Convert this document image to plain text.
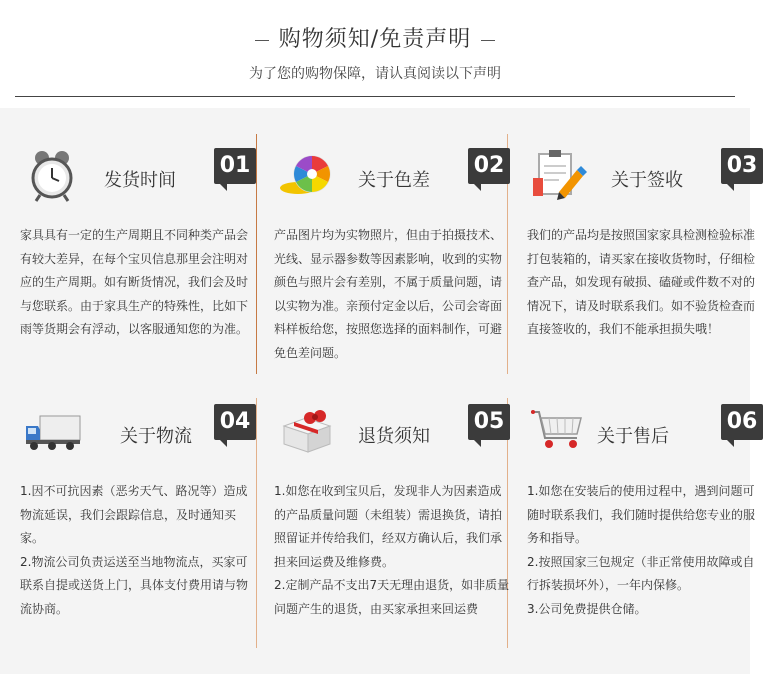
购物须知/免责声明
为了您的购物保障，请认真阅读以下声明
发货时间
01

家具具有一定的生产周期且不同种类产品会有较大差异，在每个宝贝信息那里会注明对应的生产周期。如有断货情况，我们会及时与您联系。由于家具生产的特殊性，比如下雨等货期会有浮动，以客服通知您的为准。

关于色差
02

产品图片均为实物照片，但由于拍摄技术、光线、显示器参数等因素影响，收到的实物颜色与照片会有差别，不属于质量问题，请以实物为准。亲预付定金以后，公司会寄面料样板给您，按照您选择的面料制作，可避免色差问题。

关于签收
03

我们的产品均是按照国家家具检测检验标准打包装箱的，请买家在接收货物时，仔细检查产品，如发现有破损、磕碰或件数不对的情况下，请及时联系我们。如不验货检查而直接签收的，我们不能承担损失哦！

关于物流
04

1.因不可抗因素（恶劣天气、路况等）造成物流延误，我们会跟踪信息，及时通知买家。

2.物流公司负责运送至当地物流点，买家可联系自提或送货上门，具体支付费用请与物流协商。

退货须知
05

1.如您在收到宝贝后，发现非人为因素造成的产品质量问题（未组装）需退换货，请拍照留证并传给我们，经双方确认后，我们承担来回运费及维修费。

2.定制产品不支出7天无理由退货，如非质量问题产生的退货，由买家承担来回运费

关于售后
06

1.如您在安装后的使用过程中，遇到问题可随时联系我们，我们随时提供给您专业的服务和指导。

2.按照国家三包规定（非正常使用故障或自行拆装损坏外），一年内保修。

3.公司免费提供仓储。
